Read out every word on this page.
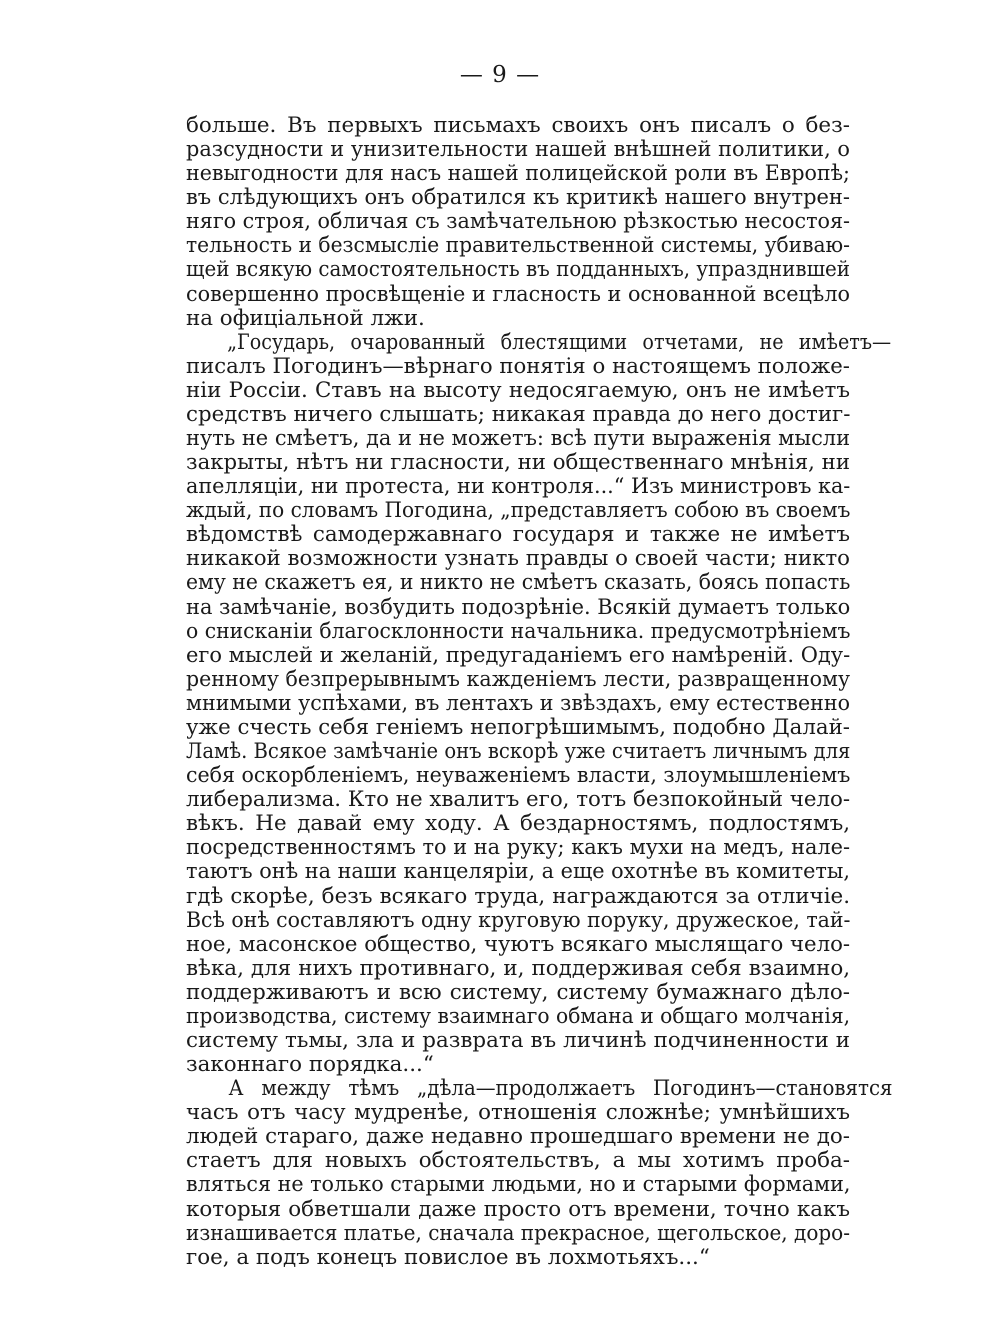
— 9 —
больше. Въ первыхъ письмахъ своихъ онъ писалъ о без-
разсудности и унизительности нашей внѣшней политики, о
невыгодности для насъ нашей полицейской роли въ Европѣ;
въ слѣдующихъ онъ обратился къ критикѣ нашего внутрен-
няго строя, обличая съ замѣчательною рѣзкостью несостоя-
тельность и безсмыслie правительственной системы, убиваю-
щей всякую самостоятельность въ подданныхъ, упразднившей
совершенно просвѣщенie и гласность и основанной всецѣло
на офицiальной лжи.
„Государь, очарованный блестящими отчетами, не имѣетъ—
писалъ Погодинъ—вѣрнаго понятiя о настоящемъ положе-
нiи Россiи. Ставъ на высоту недосягаемую, онъ не имѣетъ
средствъ ничего слышать; никакая правда до него достиг-
нуть не смѣетъ, да и не можетъ: всѣ пути выраженiя мысли
закрыты, нѣтъ ни гласности, ни общественнаго мнѣнiя, ни
апелляцiи, ни протеста, ни контроля...“ Изъ министровъ ка-
ждый, по словамъ Погодина, „представляетъ собою въ своемъ
вѣдомствѣ самодержавнаго государя и также не имѣетъ
никакой возможности узнать правды о своей части; никто
ему не скажетъ ея, и никто не смѣетъ сказать, боясь попасть
на замѣчанie, возбудить подозрѣнie. Всякiй думаетъ только
о снисканiи благосклонности начальника. предусмотрѣнiемъ
его мыслей и желанiй, предугаданiемъ его намѣренiй. Оду-
ренному безпрерывнымъ кажденiемъ лести, развращенному
мнимыми успѣхами, въ лентахъ и звѣздахъ, ему естественно
уже счесть себя генiемъ непогрѣшимымъ, подобно Далай-
Ламѣ. Всякое замѣчанie онъ вскорѣ уже считаетъ личнымъ для
себя оскорбленiемъ, неуваженiемъ власти, злоумышленiемъ
либерализма. Кто не хвалитъ его, тотъ безпокойный чело-
вѣкъ. Не давай ему ходу. А бездарностямъ, подлостямъ,
посредственностямъ то и на руку; какъ мухи на медъ, нале-
таютъ онѣ на наши канцелярiи, а еще охотнѣе въ комитеты,
гдѣ скорѣе, безъ всякаго труда, награждаются за отличie.
Всѣ онѣ составляютъ одну круговую поруку, дружеское, тай-
ное, масонское общество, чуютъ всякаго мыслящаго чело-
вѣка, для нихъ противнаго, и, поддерживая себя взаимно,
поддерживаютъ и всю систему, систему бумажнаго дѣло-
производства, систему взаимнаго обмана и общаго молчанiя,
систему тьмы, зла и разврата въ личинѣ подчиненности и
законнаго порядка...“
А между тѣмъ „дѣла—продолжаетъ Погодинъ—становятся
часъ отъ часу мудренѣе, отношенiя сложнѣе; умнѣйшихъ
людей стараго, даже недавно прошедшаго времени не до-
стаетъ для новыхъ обстоятельствъ, а мы хотимъ проба-
вляться не только старыми людьми, но и старыми формами,
которыя обветшали даже просто отъ времени, точно какъ
изнашивается платье, сначала прекрасное, щегольское, доро-
гое, а подъ конецъ повислое въ лохмотьяхъ...“
